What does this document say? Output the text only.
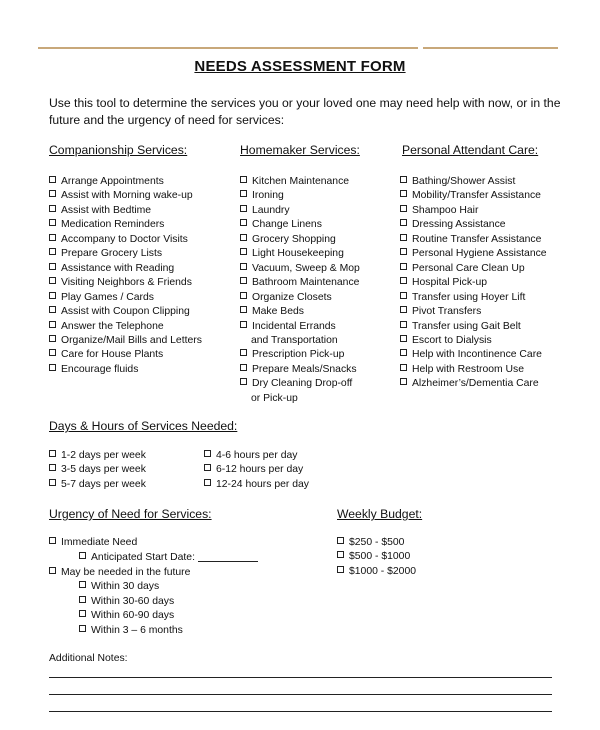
NEEDS ASSESSMENT FORM
Use this tool to determine the services you or your loved one may need help with now, or in the future and the urgency of need for services:
Companionship Services:	Homemaker Services:	Personal Attendant Care:
Arrange Appointments
Assist with Morning wake-up
Assist with Bedtime
Medication Reminders
Accompany to Doctor Visits
Prepare Grocery Lists
Assistance with Reading
Visiting Neighbors & Friends
Play Games / Cards
Assist with Coupon Clipping
Answer the Telephone
Organize/Mail Bills and Letters
Care for House Plants
Encourage fluids
Kitchen Maintenance
Ironing
Laundry
Change Linens
Grocery Shopping
Light Housekeeping
Vacuum, Sweep & Mop
Bathroom Maintenance
Organize Closets
Make Beds
Incidental Errands
and Transportation
Prescription Pick-up
Prepare Meals/Snacks
Dry Cleaning Drop-off
or Pick-up
Bathing/Shower Assist
Mobility/Transfer Assistance
Shampoo Hair
Dressing Assistance
Routine Transfer Assistance
Personal Hygiene Assistance
Personal Care Clean Up
Hospital Pick-up
Transfer using Hoyer Lift
Pivot Transfers
Transfer using Gait Belt
Escort to Dialysis
Help with Incontinence Care
Help with Restroom Use
Alzheimer’s/Dementia Care
Days & Hours of Services Needed:
1-2 days per week
3-5 days per week
5-7 days per week
4-6 hours per day
6-12 hours per day
12-24 hours per day
Urgency of Need for Services:
Immediate Need
Anticipated Start Date:
May be needed in the future
Within 30 days
Within 30-60 days
Within 60-90 days
Within 3 – 6 months
Weekly Budget:
$250 - $500
$500 - $1000
$1000 - $2000
Additional Notes:
